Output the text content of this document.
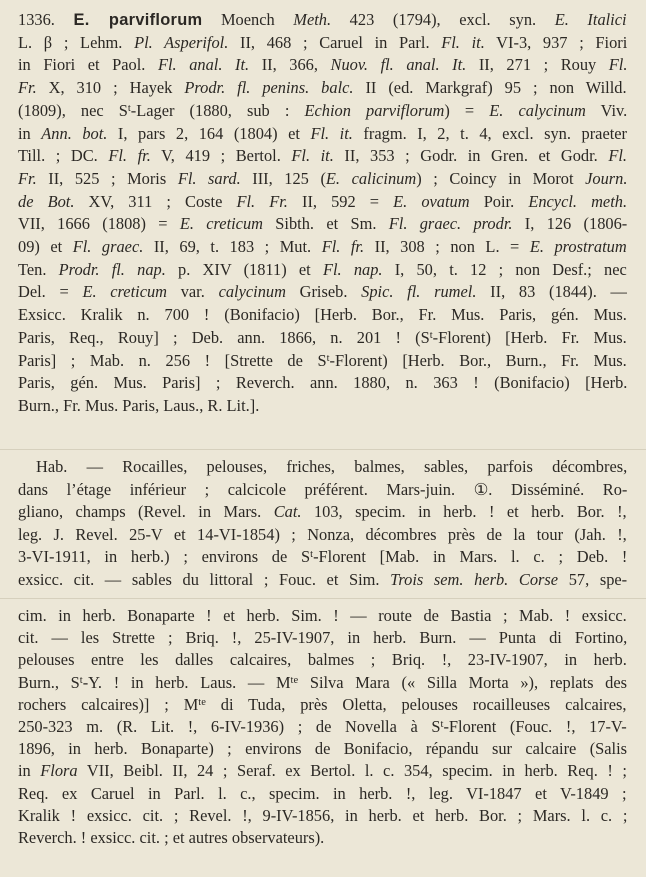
1336. E. parviflorum Moench Meth. 423 (1794), excl. syn. E. Italici
L. β ; Lehm. Pl. Asperifol. II, 468 ; Caruel in Parl. Fl. it. VI-3, 937 ; Fiori
in Fiori et Paol. Fl. anal. It. II, 366, Nuov. fl. anal. It. II, 271 ; Rouy Fl.
Fr. X, 310 ; Hayek Prodr. fl. penins. balc. II (ed. Markgraf) 95 ; non Willd.
(1809), nec $S^t$-Lager (1880, sub : Echion parviflorum) = E. calycinum Viv.
in Ann. bot. I, pars 2, 164 (1804) et Fl. it. fragm. I, 2, t. 4, excl. syn. praeter
Till. ; DC. Fl. fr. V, 419 ; Bertol. Fl. it. II, 353 ; Godr. in Gren. et Godr. Fl.
Fr. II, 525 ; Moris Fl. sard. III, 125 (E. calicinum) ; Coincy in Morot Journ.
de Bot. XV, 311 ; Coste Fl. Fr. II, 592 = E. ovatum Poir. Encycl. meth.
VII, 1666 (1808) = E. creticum Sibth. et Sm. Fl. graec. prodr. I, 126 (1806-
09) et Fl. graec. II, 69, t. 183 ; Mut. Fl. fr. II, 308 ; non L. = E. prostratum
Ten. Prodr. fl. nap. p. XIV (1811) et Fl. nap. I, 50, t. 12 ; non Desf.; nec
Del. = E. creticum var. calycinum Griseb. Spic. fl. rumel. II, 83 (1844). —
Exsicc. Kralik n. 700 ! (Bonifacio) [Herb. Bor., Fr. Mus. Paris, gén. Mus.
Paris, Req., Rouy] ; Deb. ann. 1866, n. 201 ! $(S^t-Florent)$ [Herb. Fr. Mus.
Paris] ; Mab. n. 256 ! [Strette de $S^t-Florent$) [Herb. Bor., Burn., Fr. Mus.
Paris, gén. Mus. Paris] ; Reverch. ann. 1880, n. 363 ! (Bonifacio) [Herb.
Burn., Fr. Mus. Paris, Laus., R. Lit.].
Hab. — Rocailles, pelouses, friches, balmes, sables, parfois décombres,
dans l’étage inférieur ; calcicole préférent. Mars-juin. ①. Disséminé. Ro-
gliano, champs (Revel. in Mars. Cat. 103, specim. in herb. ! et herb. Bor. !,
leg. J. Revel. 25-V et 14-VI-1854) ; Nonza, décombres près de la tour (Jah. !,
3-VI-1911, in herb.) ; environs de $S^t$-Florent [Mab. in Mars. l. c. ; Deb. !
exsicc. cit. — sables du littoral ; Fouc. et Sim. Trois sem. herb. Corse 57, spe-
cim. in herb. Bonaparte ! et herb. Sim. ! — route de Bastia ; Mab. ! exsicc.
cit. — les Strette ; Briq. !, 25-IV-1907, in herb. Burn. — Punta di Fortino,
pelouses entre les dalles calcaires, balmes ; Briq. !, 23-IV-1907, in herb.
Burn., $S^t-Y$. ! in herb. Laus. — $M^{te}$ Silva Mara (« Silla Morta »), replats des
rochers calcaires)] ; $M^{te}$ di Tuda, près Oletta, pelouses rocailleuses calcaires,
250-323 m. (R. Lit. !, 6-IV-1936) ; de Novella à $S^t$-Florent (Fouc. !, 17-V-
1896, in herb. Bonaparte) ; environs de Bonifacio, répandu sur calcaire (Salis
in Flora VII, Beibl. II, 24 ; Seraf. ex Bertol. l. c. 354, specim. in herb. Req. ! ;
Req. ex Caruel in Parl. l. c., specim. in herb. !, leg. VI-1847 et V-1849 ;
Kralik ! exsicc. cit. ; Revel. !, 9-IV-1856, in herb. et herb. Bor. ; Mars. l. c. ;
Reverch. ! exsicc. cit. ; et autres observateurs).
